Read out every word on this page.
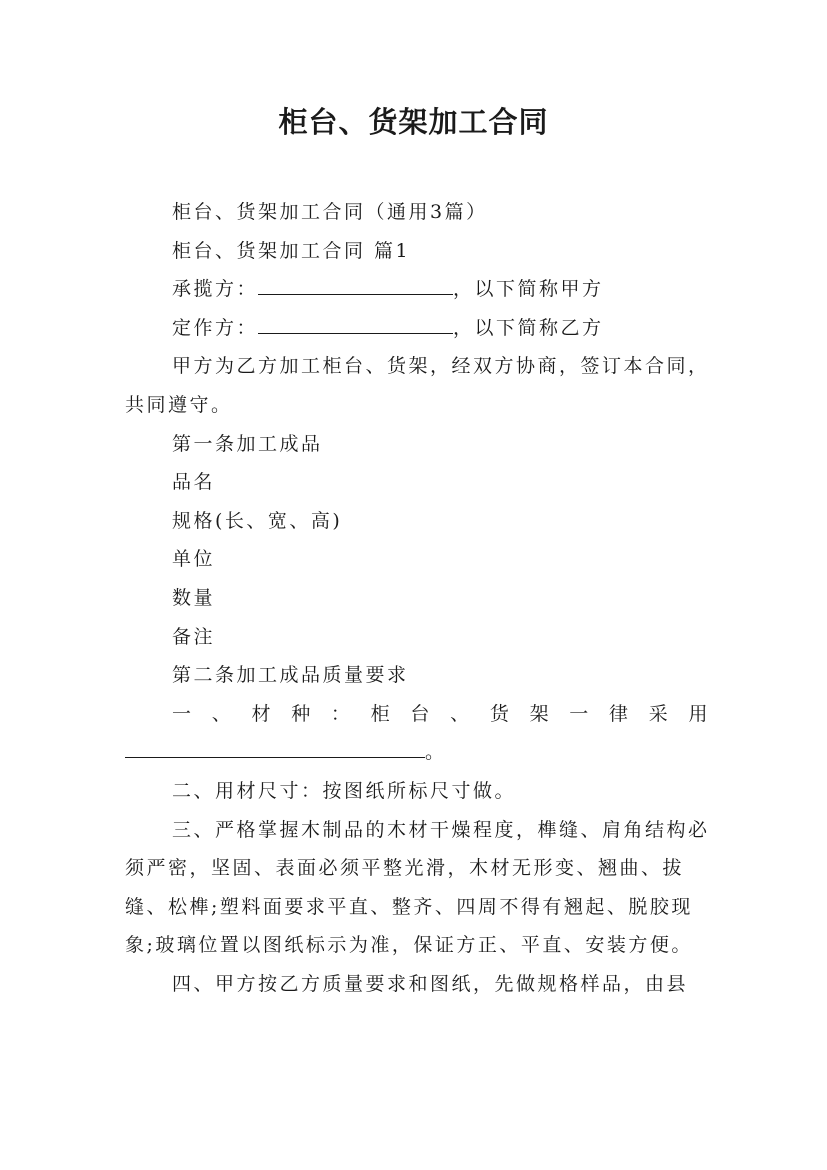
柜台、货架加工合同

柜台、货架加工合同（通用3篇）

柜台、货架加工合同 篇1

承揽方：	，以下简称甲方

定作方：	，以下简称乙方

甲方为乙方加工柜台、货架，经双方协商，签订本合同，共同遵守。

第一条加工成品

品名

规格(长、宽、高)

单位

数量

备注

第二条加工成品质量要求

一、材种：柜台、货架一律采用

。

二、用材尺寸：按图纸所标尺寸做。

三、严格掌握木制品的木材干燥程度，榫缝、肩角结构必须严密，坚固、表面必须平整光滑，木材无形变、翘曲、拔缝、松榫;塑料面要求平直、整齐、四周不得有翘起、脱胶现象;玻璃位置以图纸标示为准，保证方正、平直、安装方便。

四、甲方按乙方质量要求和图纸，先做规格样品，由县
